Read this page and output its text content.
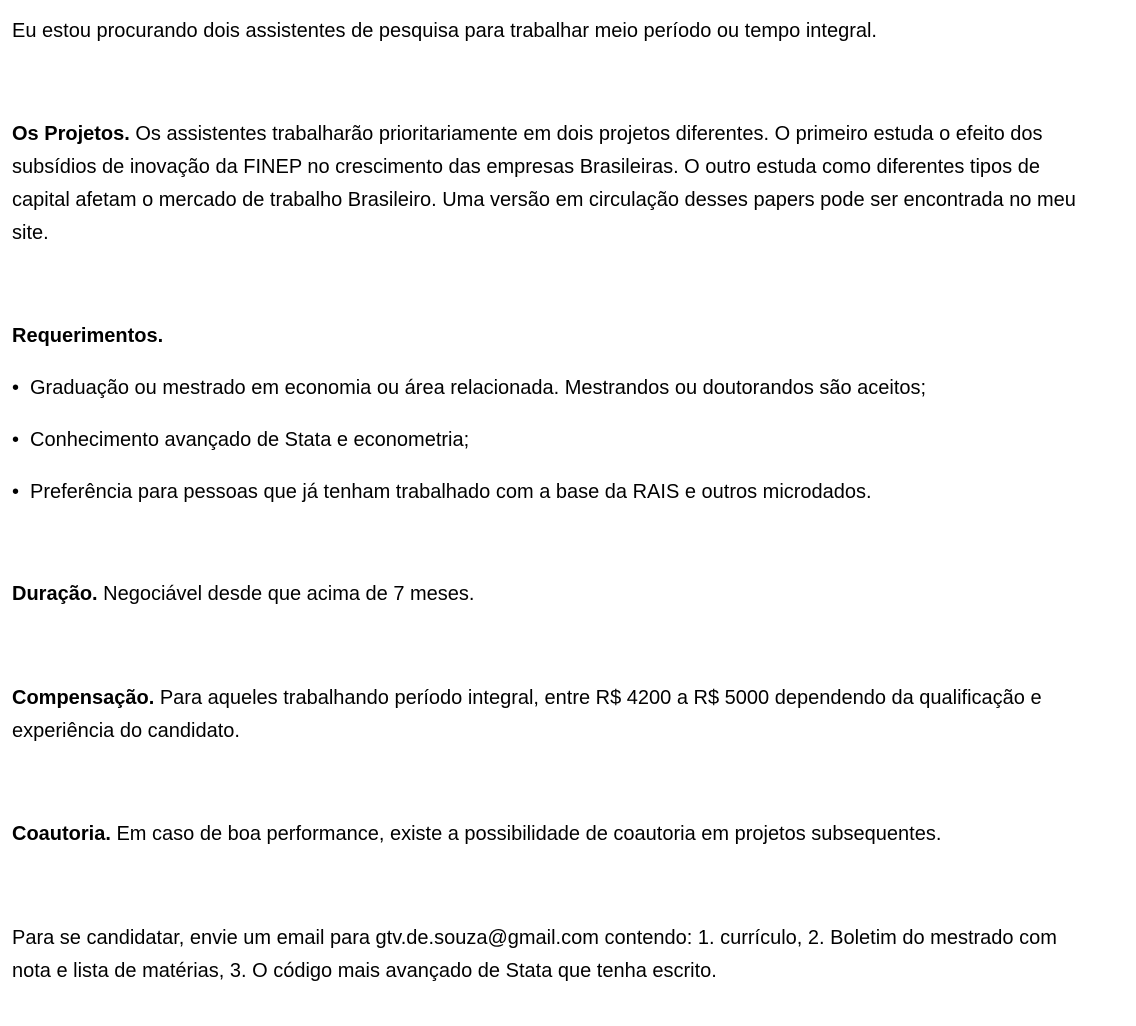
Eu estou procurando dois assistentes de pesquisa para trabalhar meio período ou tempo integral.

Os Projetos. Os assistentes trabalharão prioritariamente em dois projetos diferentes. O primeiro estuda o efeito dos subsídios de inovação da FINEP no crescimento das empresas Brasileiras. O outro estuda como diferentes tipos de capital afetam o mercado de trabalho Brasileiro. Uma versão em circulação desses papers pode ser encontrada no meu site.

Requerimentos.

• Graduação ou mestrado em economia ou área relacionada. Mestrandos ou doutorandos são aceitos;

• Conhecimento avançado de Stata e econometria;

• Preferência para pessoas que já tenham trabalhado com a base da RAIS e outros microdados.

Duração. Negociável desde que acima de 7 meses.

Compensação. Para aqueles trabalhando período integral, entre R$ 4200 a R$ 5000 dependendo da qualificação e experiência do candidato.

Coautoria. Em caso de boa performance, existe a possibilidade de coautoria em projetos subsequentes.

Para se candidatar, envie um email para gtv.de.souza@gmail.com contendo: 1. currículo, 2. Boletim do mestrado com nota e lista de matérias, 3. O código mais avançado de Stata que tenha escrito.
